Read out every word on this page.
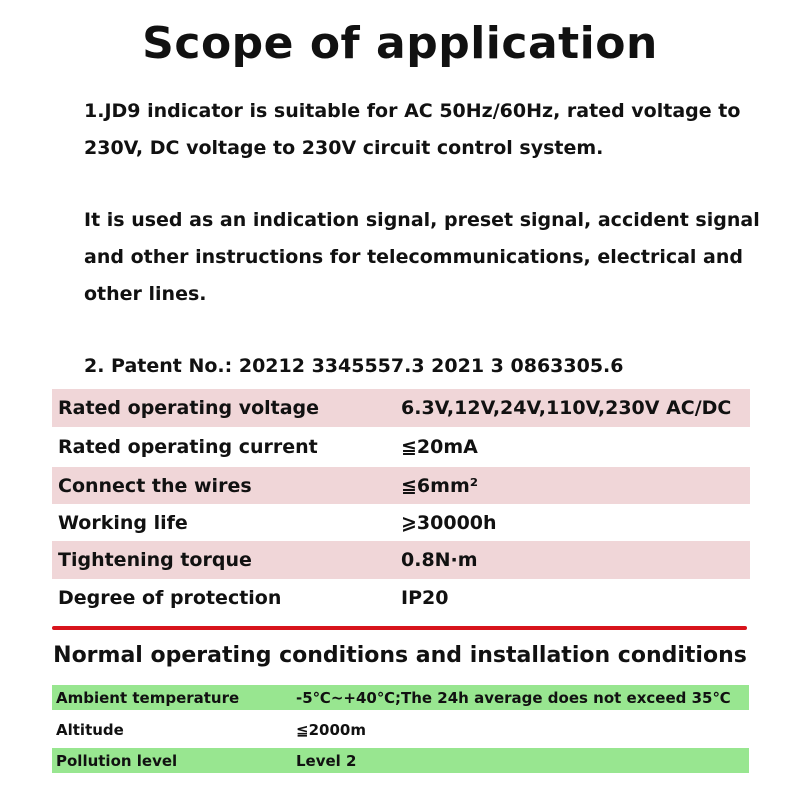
Scope of application
1.JD9 indicator is suitable for AC 50Hz/60Hz, rated voltage to 230V, DC voltage to 230V circuit control system.
It is used as an indication signal, preset signal, accident signal and other instructions for telecommunications, electrical and other lines.
2. Patent No.: 20212 3345557.3 2021 3 0863305.6
Rated operating voltage	6.3V,12V,24V,110V,230V AC/DC
Rated operating current	≦20mA
Connect the wires	≦6mm²
Working life	⩾30000h
Tightening torque	0.8N·m
Degree of protection	IP20
Normal operating conditions and installation conditions
Ambient temperature	-5℃~+40℃;The 24h average does not exceed 35℃
Altitude	≦2000m
Pollution level	Level 2
